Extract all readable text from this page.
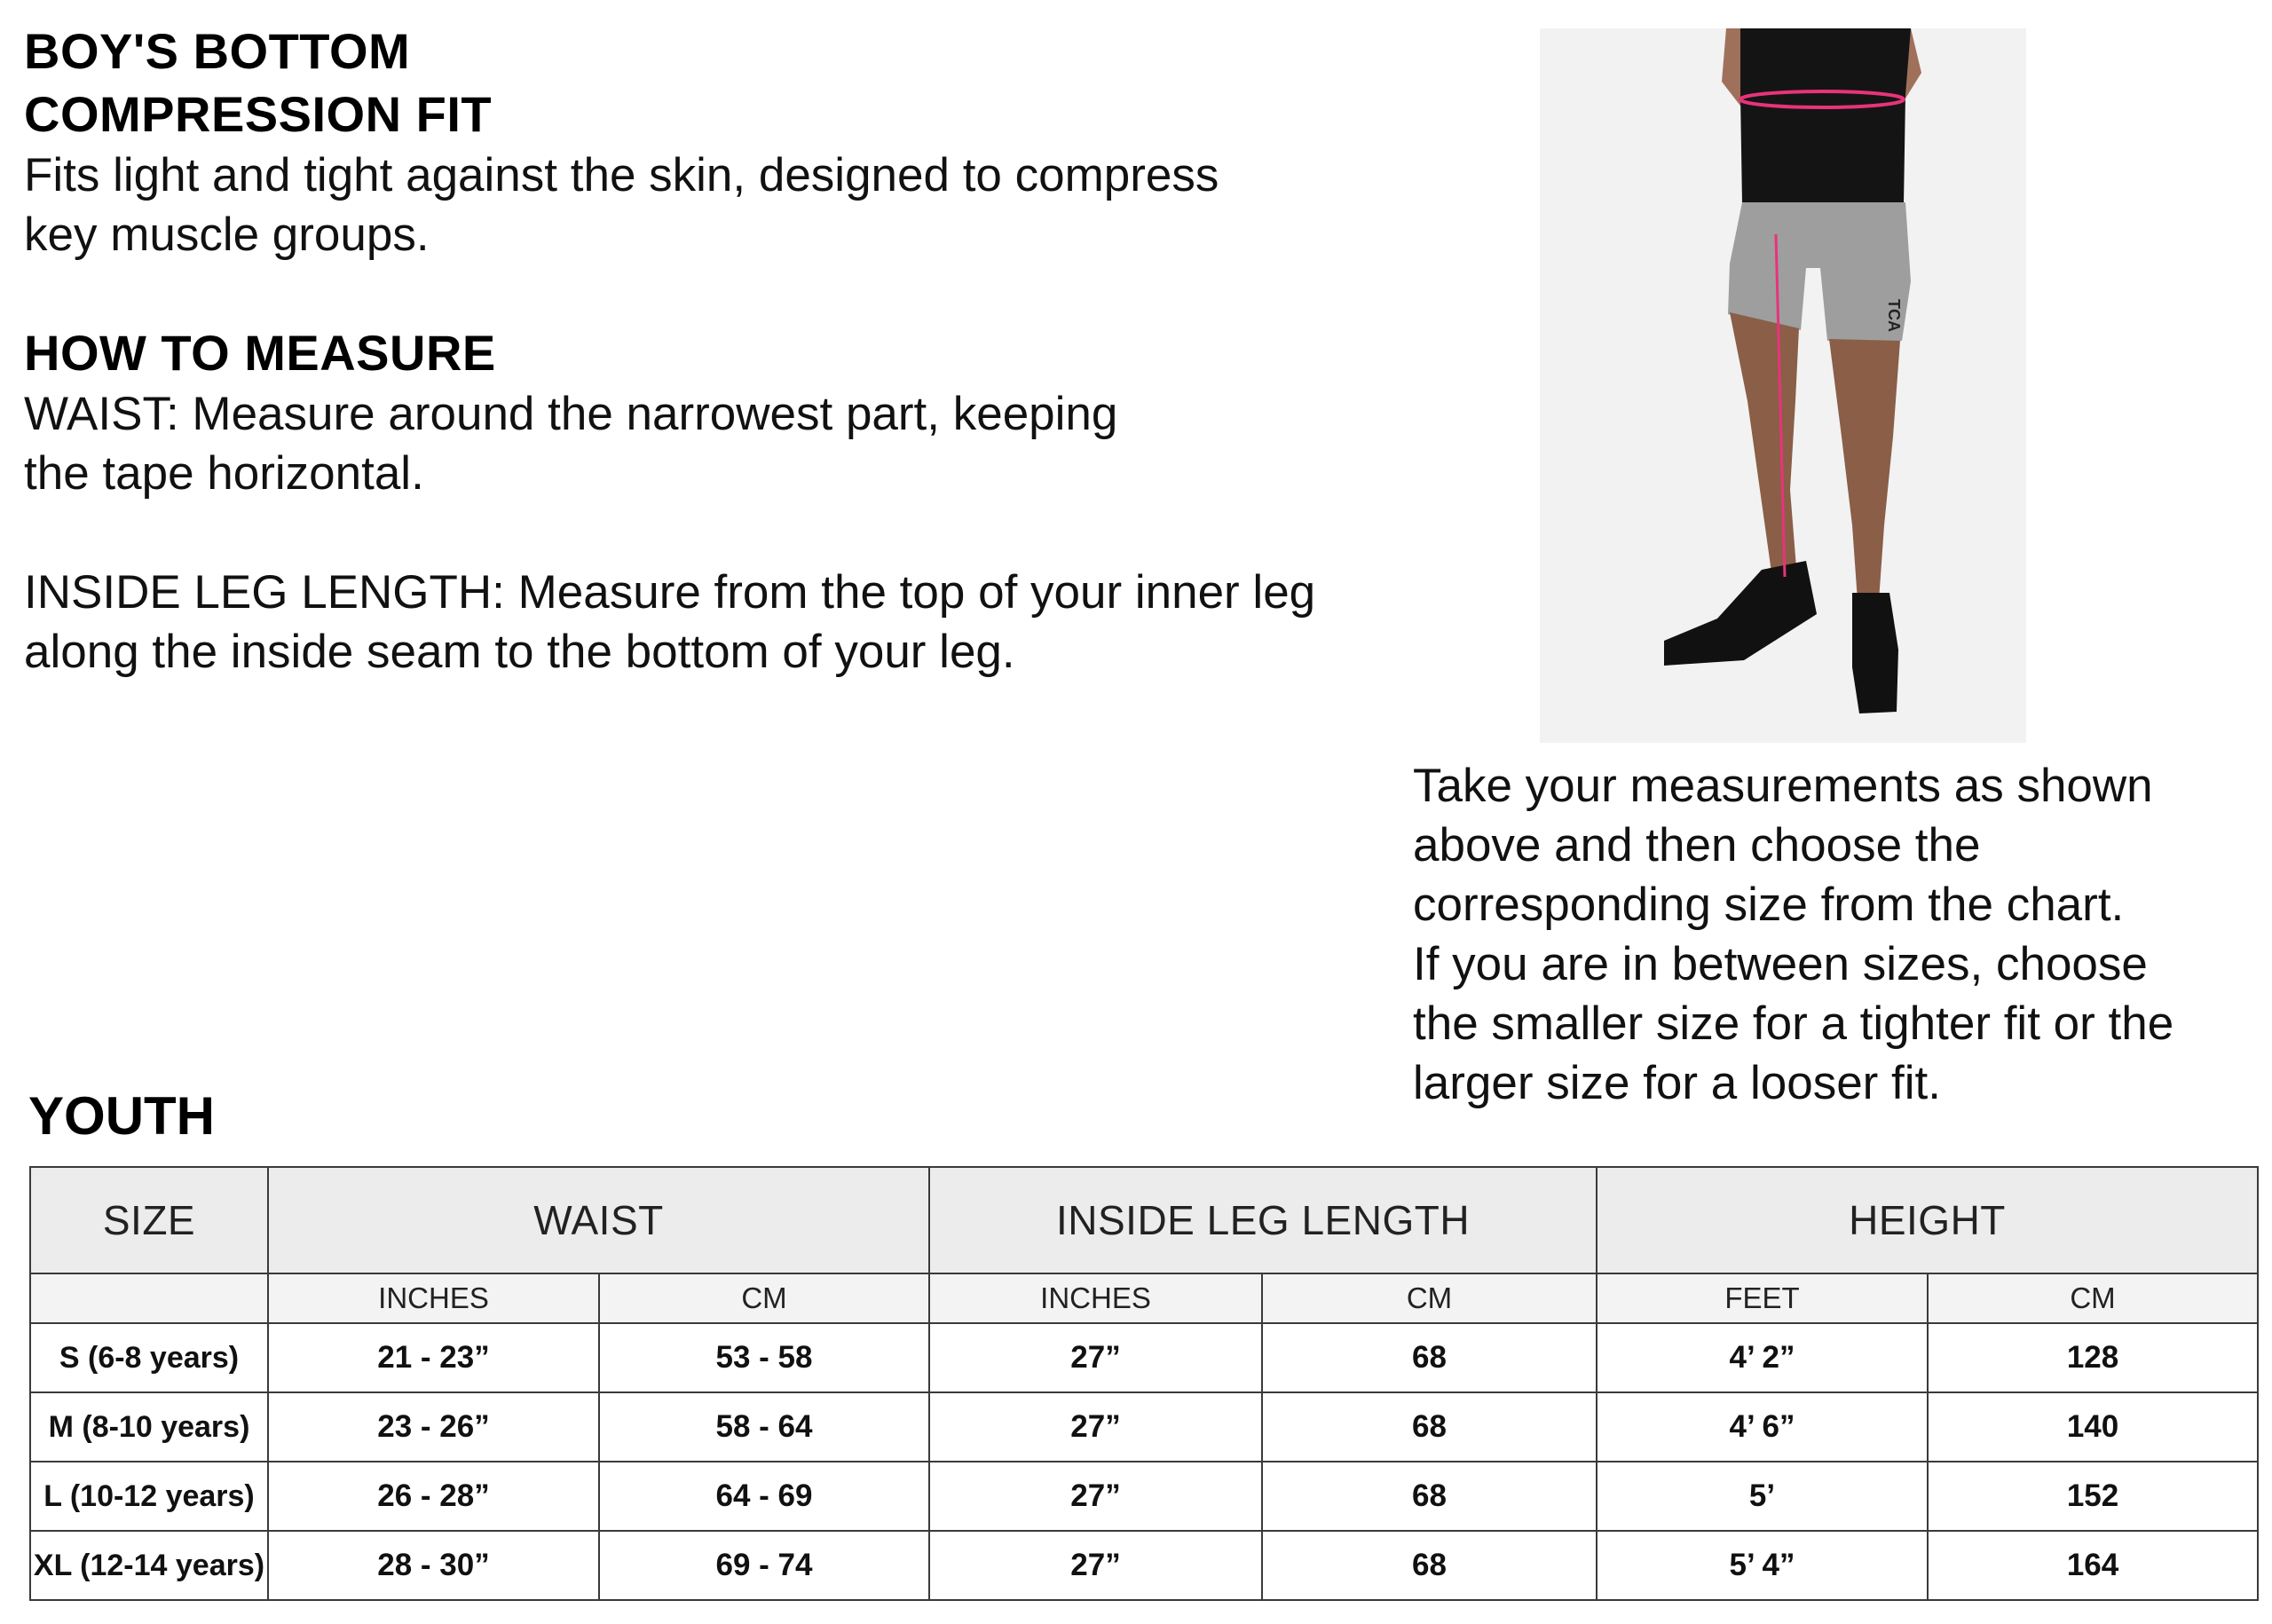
BOY'S BOTTOM
COMPRESSION FIT

Fits light and tight against the skin, designed to compress
key muscle groups.

HOW TO MEASURE

WAIST: Measure around the narrowest part, keeping
the tape horizontal.

INSIDE LEG LENGTH: Measure from the top of your inner leg
along the inside seam to the bottom of your leg.

TCA
Take your measurements as shown
above and then choose the
corresponding size from the chart.
If you are in between sizes, choose
the smaller size for a tighter fit or the
larger size for a looser fit.
YOUTH
SIZE	WAIST		INSIDE LEG LENGTH		HEIGHT	
	INCHES	CM	INCHES	CM	FEET	CM
S (6-8 years)	21 - 23”	53 - 58	27”	68	4’ 2”	128
M (8-10 years)	23 - 26”	58 - 64	27”	68	4’ 6”	140
L (10-12 years)	26 - 28”	64 - 69	27”	68	5’	152
XL (12-14 years)	28 - 30”	69 - 74	27”	68	5’ 4”	164
